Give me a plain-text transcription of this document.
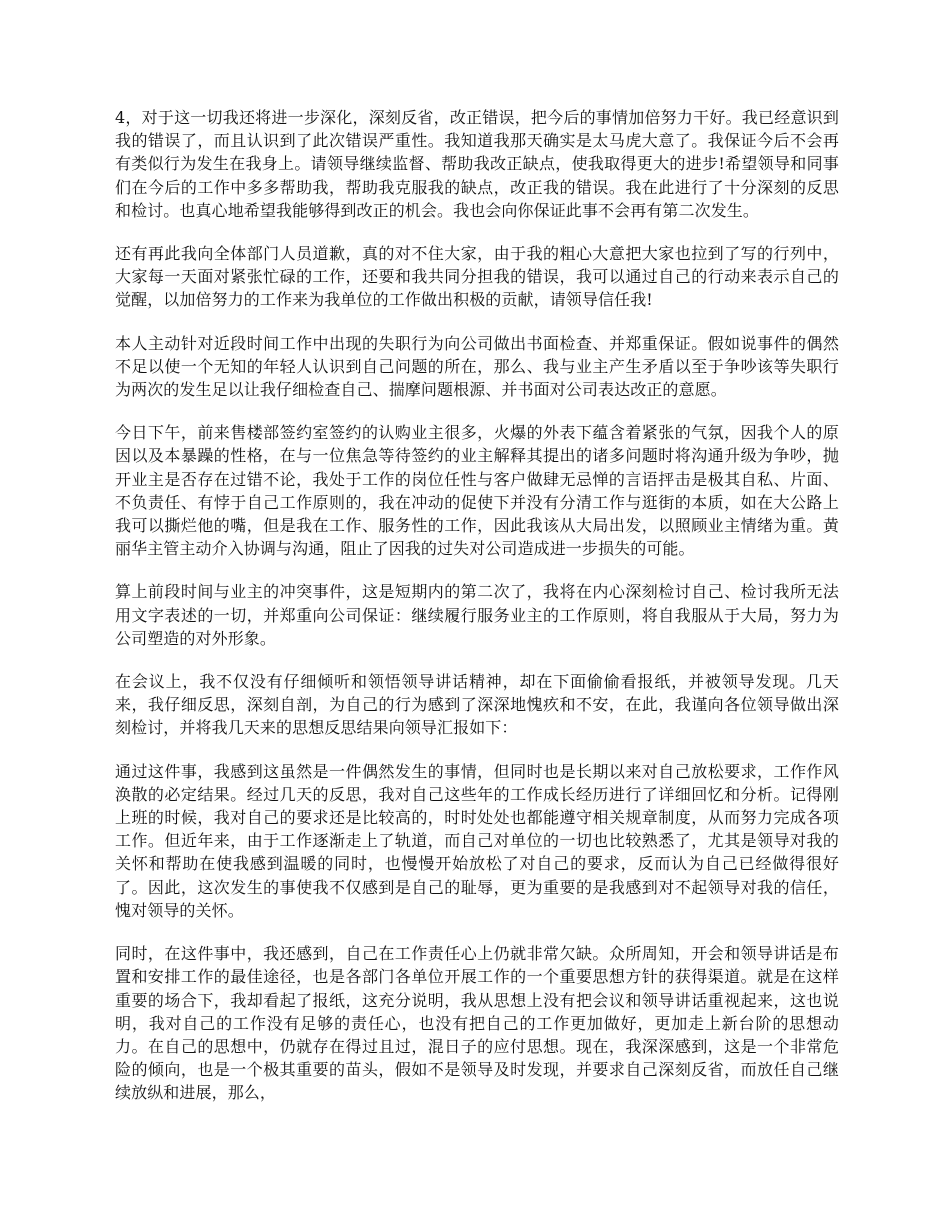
4，对于这一切我还将进一步深化，深刻反省，改正错误，把今后的事情加倍努力干好。我已经意识到我的错误了，而且认识到了此次错误严重性。我知道我那天确实是太马虎大意了。我保证今后不会再有类似行为发生在我身上。请领导继续监督、帮助我改正缺点，使我取得更大的进步!希望领导和同事们在今后的工作中多多帮助我，帮助我克服我的缺点，改正我的错误。我在此进行了十分深刻的反思和检讨。也真心地希望我能够得到改正的机会。我也会向你保证此事不会再有第二次发生。

还有再此我向全体部门人员道歉，真的对不住大家，由于我的粗心大意把大家也拉到了写的行列中，大家每一天面对紧张忙碌的工作，还要和我共同分担我的错误，我可以通过自己的行动来表示自己的觉醒，以加倍努力的工作来为我单位的工作做出积极的贡献，请领导信任我!

本人主动针对近段时间工作中出现的失职行为向公司做出书面检查、并郑重保证。假如说事件的偶然不足以使一个无知的年轻人认识到自己问题的所在，那么、我与业主产生矛盾以至于争吵该等失职行为两次的发生足以让我仔细检查自己、揣摩问题根源、并书面对公司表达改正的意愿。

今日下午，前来售楼部签约室签约的认购业主很多，火爆的外表下蕴含着紧张的气氛，因我个人的原因以及本暴躁的性格，在与一位焦急等待签约的业主解释其提出的诸多问题时将沟通升级为争吵，抛开业主是否存在过错不论，我处于工作的岗位任性与客户做肆无忌惮的言语抨击是极其自私、片面、不负责任、有悖于自己工作原则的，我在冲动的促使下并没有分清工作与逛街的本质，如在大公路上我可以撕烂他的嘴，但是我在工作、服务性的工作，因此我该从大局出发，以照顾业主情绪为重。黄丽华主管主动介入协调与沟通，阻止了因我的过失对公司造成进一步损失的可能。

算上前段时间与业主的冲突事件，这是短期内的第二次了，我将在内心深刻检讨自己、检讨我所无法用文字表述的一切，并郑重向公司保证：继续履行服务业主的工作原则，将自我服从于大局，努力为公司塑造的对外形象。

在会议上，我不仅没有仔细倾听和领悟领导讲话精神，却在下面偷偷看报纸，并被领导发现。几天来，我仔细反思，深刻自剖，为自己的行为感到了深深地愧疚和不安，在此，我谨向各位领导做出深刻检讨，并将我几天来的思想反思结果向领导汇报如下：

通过这件事，我感到这虽然是一件偶然发生的事情，但同时也是长期以来对自己放松要求，工作作风涣散的必定结果。经过几天的反思，我对自己这些年的工作成长经历进行了详细回忆和分析。记得刚上班的时候，我对自己的要求还是比较高的，时时处处也都能遵守相关规章制度，从而努力完成各项工作。但近年来，由于工作逐渐走上了轨道，而自己对单位的一切也比较熟悉了，尤其是领导对我的关怀和帮助在使我感到温暖的同时，也慢慢开始放松了对自己的要求，反而认为自己已经做得很好了。因此，这次发生的事使我不仅感到是自己的耻辱，更为重要的是我感到对不起领导对我的信任，愧对领导的关怀。

同时，在这件事中，我还感到，自己在工作责任心上仍就非常欠缺。众所周知，开会和领导讲话是布置和安排工作的最佳途径，也是各部门各单位开展工作的一个重要思想方针的获得渠道。就是在这样重要的场合下，我却看起了报纸，这充分说明，我从思想上没有把会议和领导讲话重视起来，这也说明，我对自己的工作没有足够的责任心，也没有把自己的工作更加做好，更加走上新台阶的思想动力。在自己的思想中，仍就存在得过且过，混日子的应付思想。现在，我深深感到，这是一个非常危险的倾向，也是一个极其重要的苗头，假如不是领导及时发现，并要求自己深刻反省，而放任自己继续放纵和进展，那么，
